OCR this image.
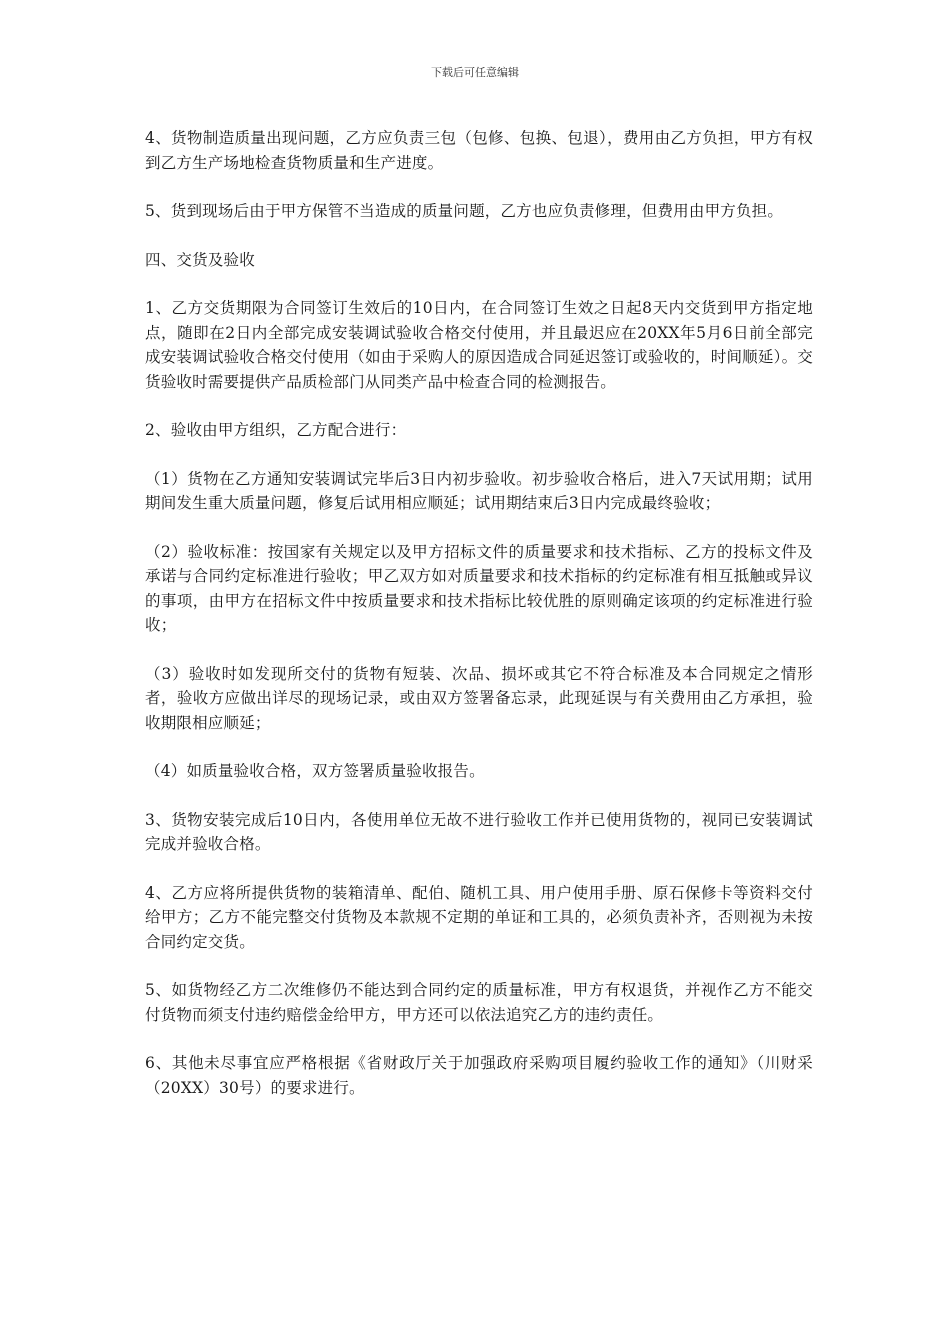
下载后可任意编辑

4、货物制造质量出现问题，乙方应负责三包（包修、包换、包退），费用由乙方负担，甲方有权到乙方生产场地检查货物质量和生产进度。

5、货到现场后由于甲方保管不当造成的质量问题，乙方也应负责修理，但费用由甲方负担。

四、交货及验收

1、乙方交货期限为合同签订生效后的10日内，在合同签订生效之日起8天内交货到甲方指定地点，随即在2日内全部完成安装调试验收合格交付使用，并且最迟应在20XX年5月6日前全部完成安装调试验收合格交付使用（如由于采购人的原因造成合同延迟签订或验收的，时间顺延）。交货验收时需要提供产品质检部门从同类产品中检查合同的检测报告。

2、验收由甲方组织，乙方配合进行：

（1）货物在乙方通知安装调试完毕后3日内初步验收。初步验收合格后，进入7天试用期；试用期间发生重大质量问题，修复后试用相应顺延；试用期结束后3日内完成最终验收；

（2）验收标准：按国家有关规定以及甲方招标文件的质量要求和技术指标、乙方的投标文件及承诺与合同约定标准进行验收；甲乙双方如对质量要求和技术指标的约定标准有相互抵触或异议的事项，由甲方在招标文件中按质量要求和技术指标比较优胜的原则确定该项的约定标准进行验收；

（3）验收时如发现所交付的货物有短装、次品、损坏或其它不符合标准及本合同规定之情形者，验收方应做出详尽的现场记录，或由双方签署备忘录，此现延误与有关费用由乙方承担，验收期限相应顺延；

（4）如质量验收合格，双方签署质量验收报告。

3、货物安装完成后10日内，各使用单位无故不进行验收工作并已使用货物的，视同已安装调试完成并验收合格。

4、乙方应将所提供货物的装箱清单、配伯、随机工具、用户使用手册、原石保修卡等资料交付给甲方；乙方不能完整交付货物及本款规不定期的单证和工具的，必须负责补齐，否则视为未按合同约定交货。

5、如货物经乙方二次维修仍不能达到合同约定的质量标准，甲方有权退货，并视作乙方不能交付货物而须支付违约赔偿金给甲方，甲方还可以依法追究乙方的违约责任。

6、其他未尽事宜应严格根据《省财政厅关于加强政府采购项目履约验收工作的通知》（川财采（20XX）30号）的要求进行。
